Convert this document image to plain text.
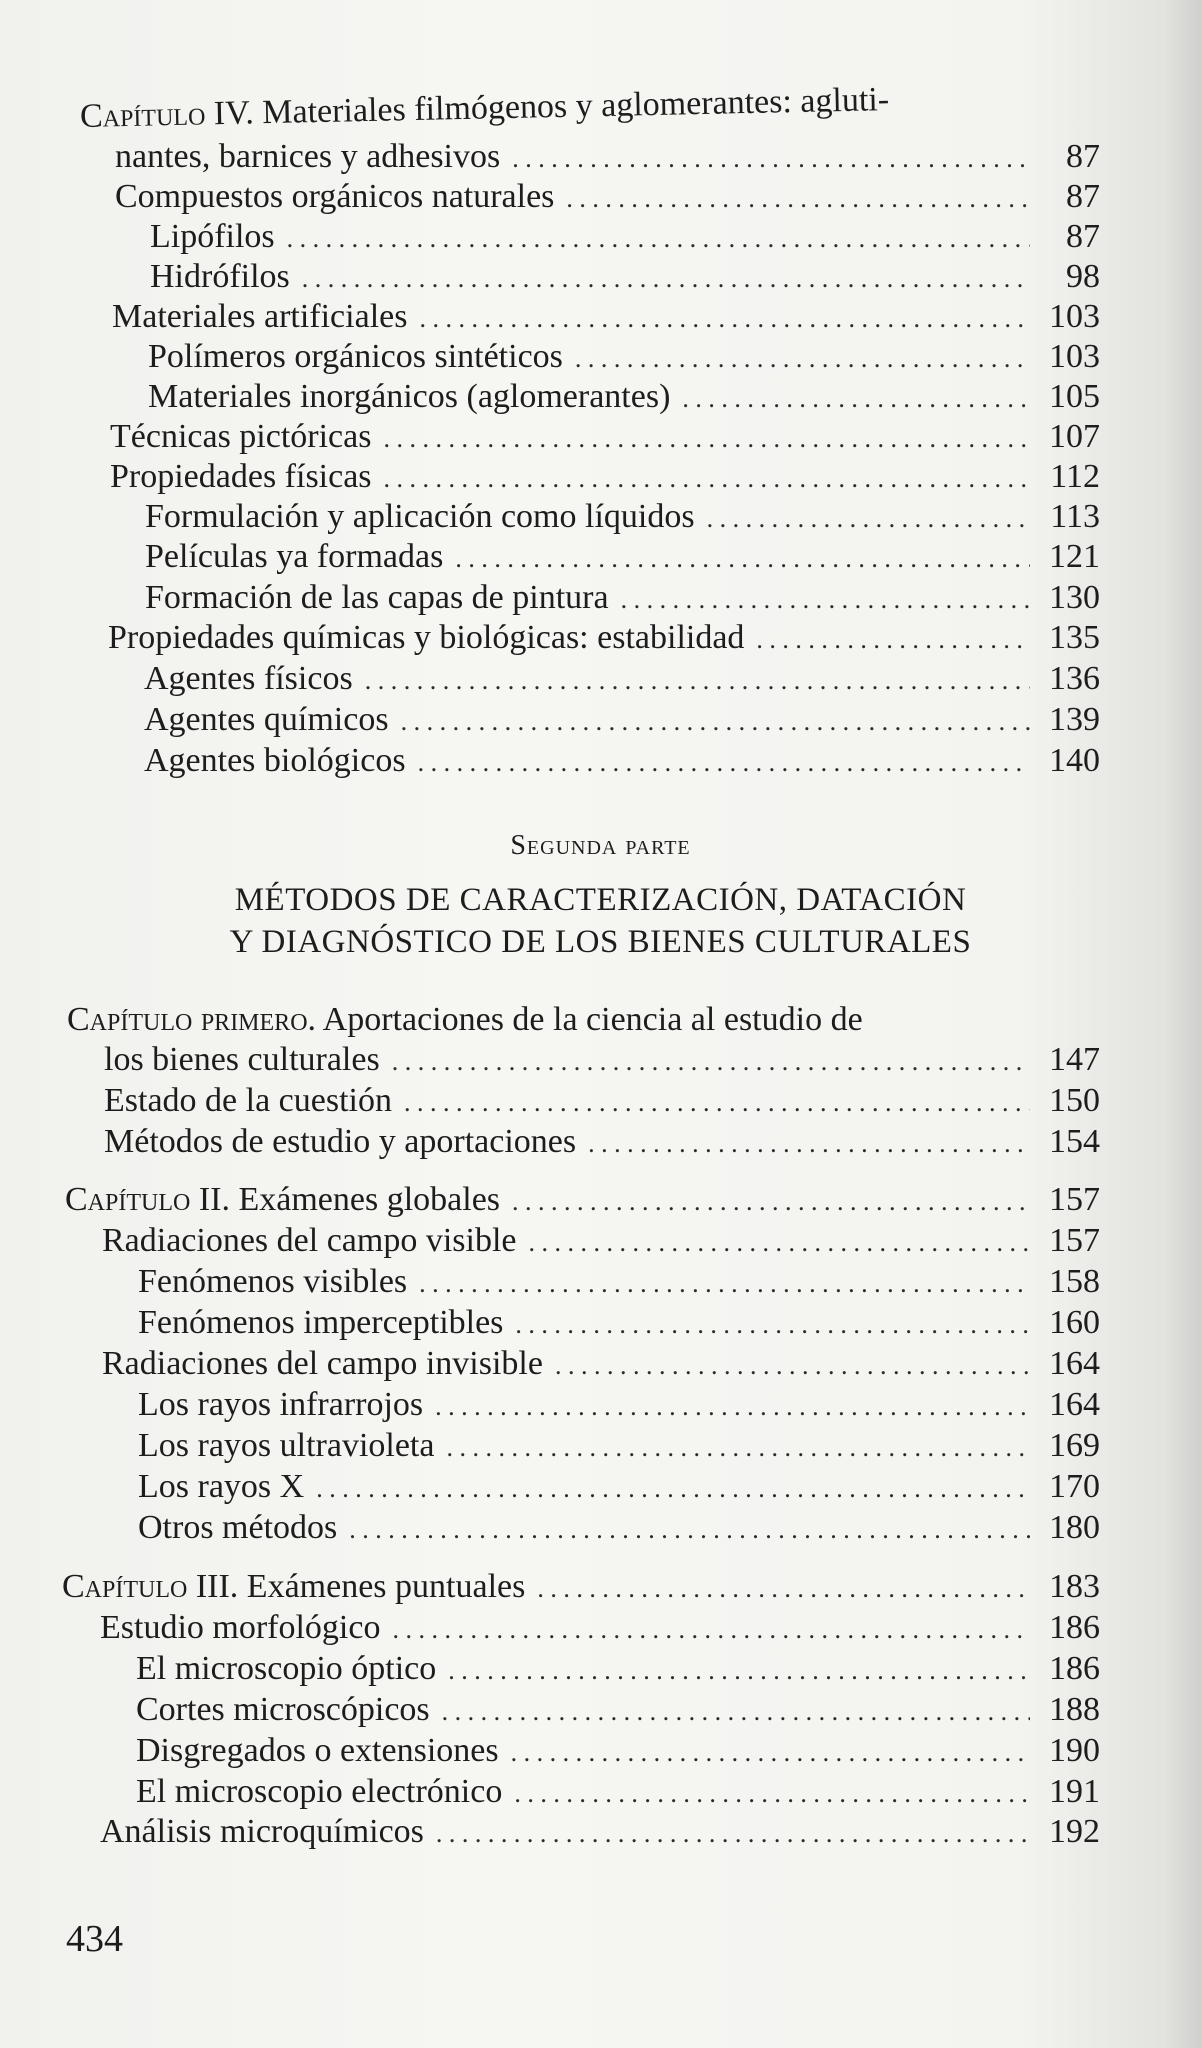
Capítulo IV. Materiales filmógenos y aglomerantes: agluti-
nantes, barnices y adhesivos . . .	87
Compuestos orgánicos naturales . . .	87
Lipófilos . . .	87
Hidrófilos . . .	98
Materiales artificiales . . .	103
Polímeros orgánicos sintéticos . . .	103
Materiales inorgánicos (aglomerantes) . . .	105
Técnicas pictóricas . . .	107
Propiedades físicas . . .	112
Formulación y aplicación como líquidos . . .	113
Películas ya formadas . . .	121
Formación de las capas de pintura . . .	130
Propiedades químicas y biológicas: estabilidad . . .	135
Agentes físicos . . .	136
Agentes químicos . . .	139
Agentes biológicos . . .	140
Segunda parte
MÉTODOS DE CARACTERIZACIÓN, DATACIÓN
Y DIAGNÓSTICO DE LOS BIENES CULTURALES
Capítulo primero. Aportaciones de la ciencia al estudio de
los bienes culturales . . .	147
Estado de la cuestión . . .	150
Métodos de estudio y aportaciones . . .	154
Capítulo II. Exámenes globales . . .	157
Radiaciones del campo visible . . .	157
Fenómenos visibles . . .	158
Fenómenos imperceptibles . . .	160
Radiaciones del campo invisible . . .	164
Los rayos infrarrojos . . .	164
Los rayos ultravioleta . . .	169
Los rayos X . . .	170
Otros métodos . . .	180
Capítulo III. Exámenes puntuales . . .	183
Estudio morfológico . . .	186
El microscopio óptico . . .	186
Cortes microscópicos . . .	188
Disgregados o extensiones . . .	190
El microscopio electrónico . . .	191
Análisis microquímicos . . .	192
434
